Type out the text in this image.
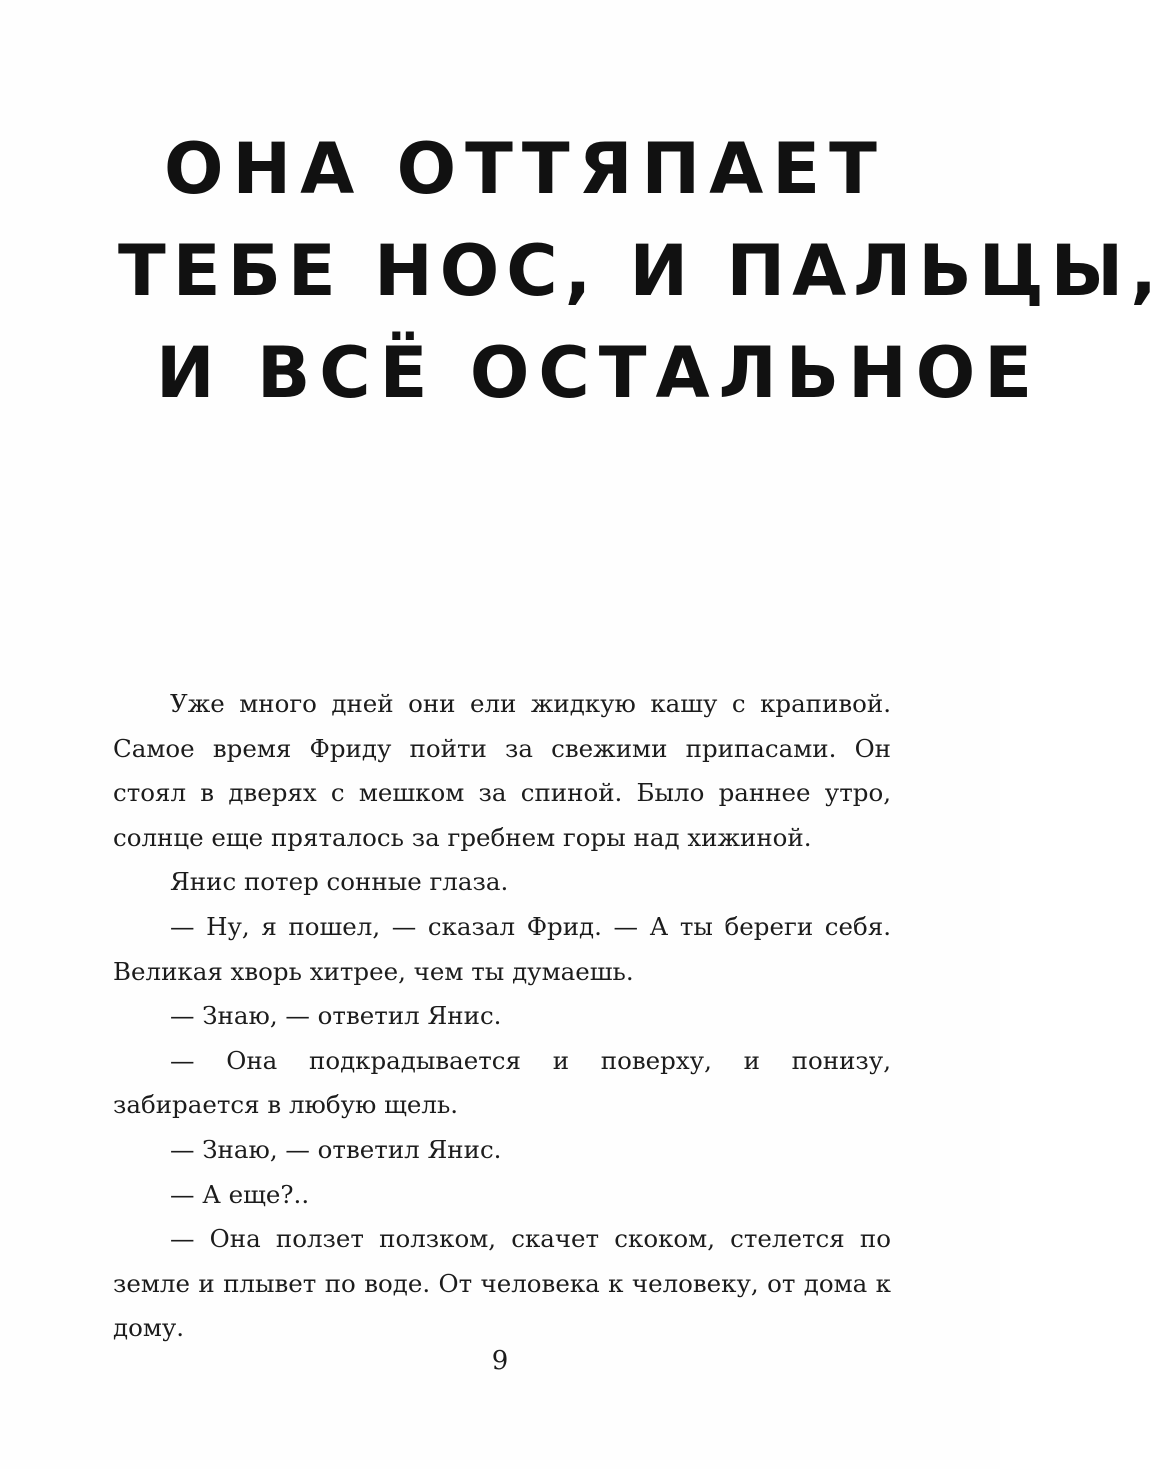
ОНА ОТТЯПАЕТ
ТЕБЕ НОС, И ПАЛЬЦЫ,
И ВСЁ ОСТАЛЬНОЕ

Уже много дней они ели жидкую кашу с крапивой. Самое время Фриду пойти за свежими припасами. Он стоял в дверях с мешком за спиной. Было раннее утро, солнце еще пряталось за гребнем горы над хижиной.

Янис потер сонные глаза.

— Ну, я пошел, — сказал Фрид. — А ты береги себя. Великая хворь хитрее, чем ты думаешь.

— Знаю, — ответил Янис.

— Она подкрадывается и поверху, и понизу, забирается в любую щель.

— Знаю, — ответил Янис.

— А еще?..

— Она ползет ползком, скачет скоком, стелется по земле и плывет по воде. От человека к человеку, от дома к дому.

9
